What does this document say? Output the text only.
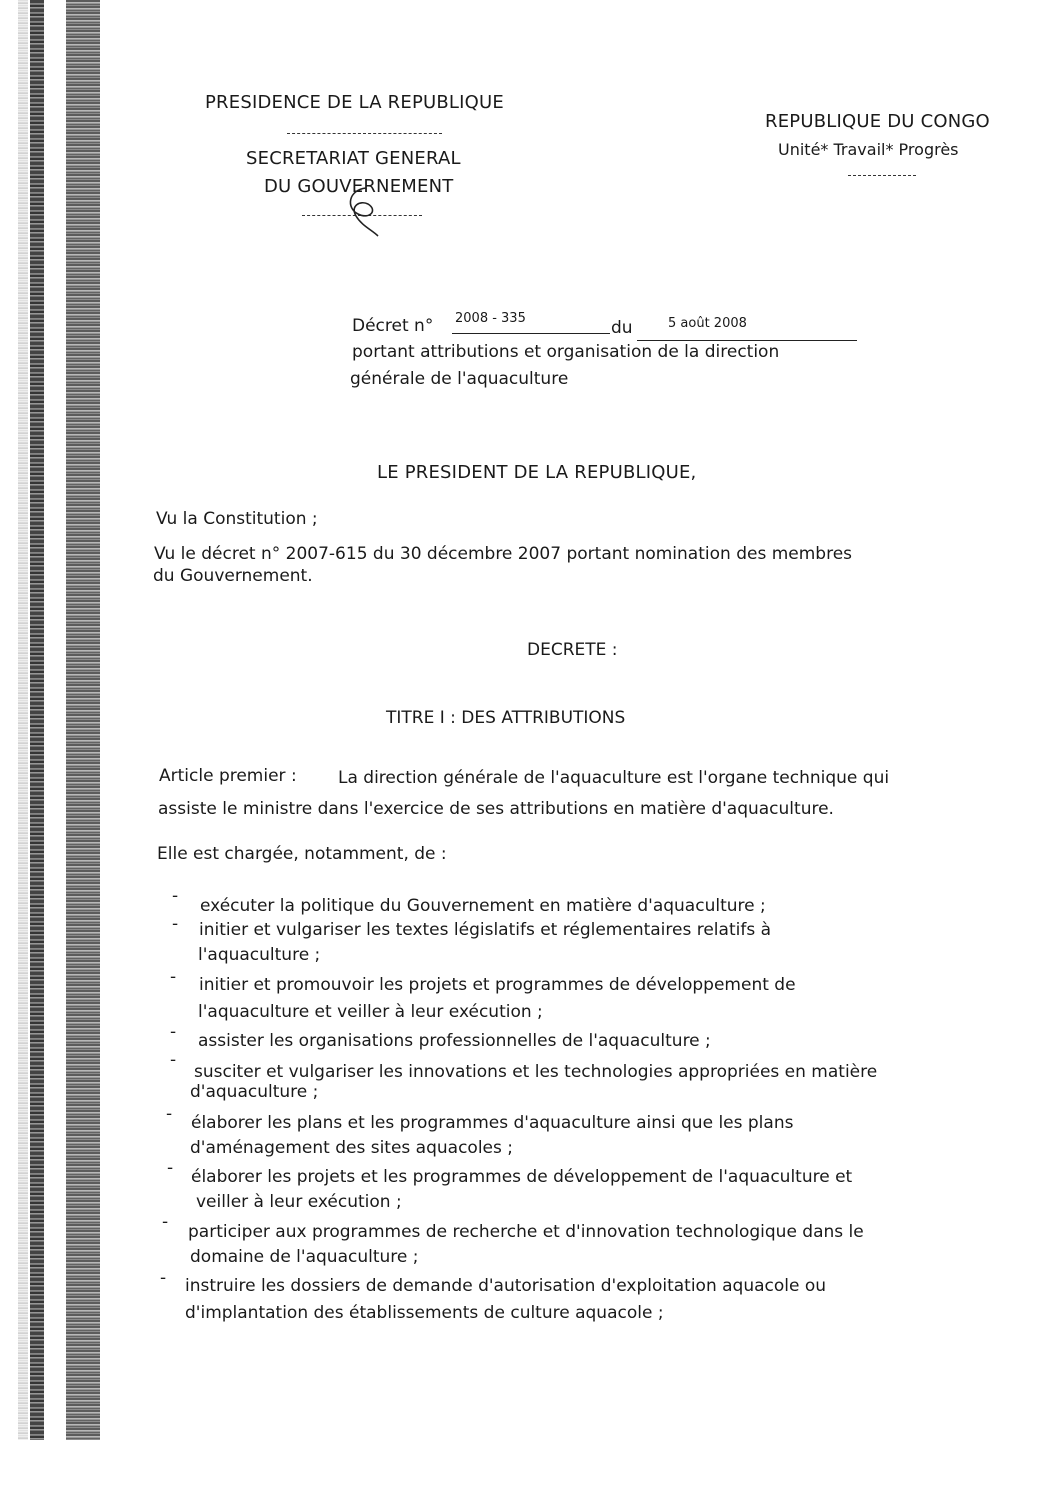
PRESIDENCE DE LA REPUBLIQUE
SECRETARIAT GENERAL
DU GOUVERNEMENT
REPUBLIQUE DU CONGO
Unité* Travail* Progrès
Décret n° 2008 - 335	du	5 août 2008
portant attributions et organisation de la direction
générale de l'aquaculture
LE PRESIDENT DE LA REPUBLIQUE,
Vu la Constitution ;
Vu le décret n° 2007-615 du 30 décembre 2007 portant nomination des membres
du Gouvernement.
DECRETE :
TITRE I : DES ATTRIBUTIONS
Article premier : La direction générale de l'aquaculture est l'organe technique qui
assiste le ministre dans l'exercice de ses attributions en matière d'aquaculture.
Elle est chargée, notamment, de :
- exécuter la politique du Gouvernement en matière d'aquaculture ;
- initier et vulgariser les textes législatifs et réglementaires relatifs à
l'aquaculture ;
- initier et promouvoir les projets et programmes de développement de
l'aquaculture et veiller à leur exécution ;
- assister les organisations professionnelles de l'aquaculture ;
-
susciter et vulgariser les innovations et les technologies appropriées en matière
d'aquaculture ;
- élaborer les plans et les programmes d'aquaculture ainsi que les plans
d'aménagement des sites aquacoles ;
- élaborer les projets et les programmes de développement de l'aquaculture et
veiller à leur exécution ;
- participer aux programmes de recherche et d'innovation technologique dans le
domaine de l'aquaculture ;
- instruire les dossiers de demande d'autorisation d'exploitation aquacole ou
d'implantation des établissements de culture aquacole ;
